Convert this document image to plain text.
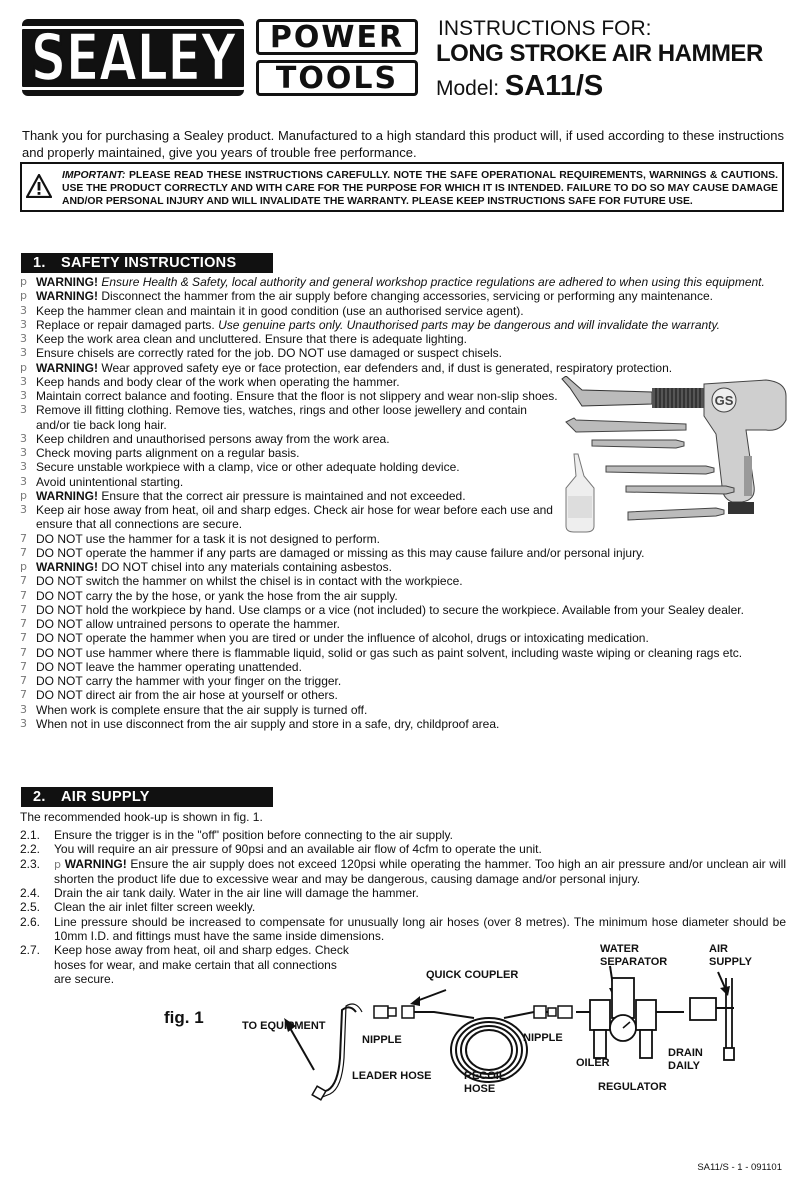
SEALEY	POWER
TOOLS
INSTRUCTIONS FOR:
LONG STROKE AIR HAMMER
Model: SA11/S
Thank you for purchasing a Sealey product. Manufactured to a high standard this product will, if used according to these instructions and properly maintained, give you years of trouble free performance.
IMPORTANT: PLEASE READ THESE INSTRUCTIONS CAREFULLY. NOTE THE SAFE OPERATIONAL REQUIREMENTS, WARNINGS & CAUTIONS. USE THE PRODUCT CORRECTLY AND WITH CARE FOR THE PURPOSE FOR WHICH IT IS INTENDED. FAILURE TO DO SO MAY CAUSE DAMAGE AND/OR PERSONAL INJURY AND WILL INVALIDATE THE WARRANTY. PLEASE KEEP INSTRUCTIONS SAFE FOR FUTURE USE.
1. SAFETY INSTRUCTIONS
p WARNING! Ensure Health & Safety, local authority and general workshop practice regulations are adhered to when using this equipment.
p WARNING! Disconnect the hammer from the air supply before changing accessories, servicing or performing any maintenance.
3 Keep the hammer clean and maintain it in good condition (use an authorised service agent).
3 Replace or repair damaged parts. Use genuine parts only. Unauthorised parts may be dangerous and will invalidate the warranty.
3 Keep the work area clean and uncluttered. Ensure that there is adequate lighting.
3 Ensure chisels are correctly rated for the job. DO NOT use damaged or suspect chisels.
p WARNING! Wear approved safety eye or face protection, ear defenders and, if dust is generated, respiratory protection.
3 Keep hands and body clear of the work when operating the hammer.
3 Maintain correct balance and footing. Ensure that the floor is not slippery and wear non-slip shoes.
3 Remove ill fitting clothing. Remove ties, watches, rings and other loose jewellery and contain and/or tie back long hair.
3 Keep children and unauthorised persons away from the work area.
3 Check moving parts alignment on a regular basis.
3 Secure unstable workpiece with a clamp, vice or other adequate holding device.
3 Avoid unintentional starting.
p WARNING! Ensure that the correct air pressure is maintained and not exceeded.
3 Keep air hose away from heat, oil and sharp edges. Check air hose for wear before each use and ensure that all connections are secure.
7 DO NOT use the hammer for a task it is not designed to perform.
7 DO NOT operate the hammer if any parts are damaged or missing as this may cause failure and/or personal injury.
p WARNING! DO NOT chisel into any materials containing asbestos.
7 DO NOT switch the hammer on whilst the chisel is in contact with the workpiece.
7 DO NOT carry the by the hose, or yank the hose from the air supply.
7 DO NOT hold the workpiece by hand. Use clamps or a vice (not included) to secure the workpiece. Available from your Sealey dealer.
7 DO NOT allow untrained persons to operate the hammer.
7 DO NOT operate the hammer when you are tired or under the influence of alcohol, drugs or intoxicating medication.
7 DO NOT use hammer where there is flammable liquid, solid or gas such as paint solvent, including waste wiping or cleaning rags etc.
7 DO NOT leave the hammer operating unattended.
7 DO NOT carry the hammer with your finger on the trigger.
7 DO NOT direct air from the air hose at yourself or others.
3 When work is complete ensure that the air supply is turned off.
3 When not in use disconnect from the air supply and store in a safe, dry, childproof area.
GS
2. AIR SUPPLY
The recommended hook-up is shown in fig. 1.
2.1. Ensure the trigger is in the "off" position before connecting to the air supply.
2.2. You will require an air pressure of 90psi and an available air flow of 4cfm to operate the unit.
2.3. p WARNING! Ensure the air supply does not exceed 120psi while operating the hammer. Too high an air pressure and/or unclean air will shorten the product life due to excessive wear and may be dangerous, causing damage and/or personal injury.
2.4. Drain the air tank daily. Water in the air line will damage the hammer.
2.5. Clean the air inlet filter screen weekly.
2.6. Line pressure should be increased to compensate for unusually long air hoses (over 8 metres). The minimum hose diameter should be 10mm I.D. and fittings must have the same inside dimensions.
2.7. Keep hose away from heat, oil and sharp edges. Check hoses for wear, and make certain that all connections are secure.
fig. 1	TO EQUIPMENT
QUICK COUPLER
NIPPLE	NIPPLE
LEADER HOSE	RECOIL
HOSE
WATER
SEPARATOR
AIR
SUPPLY
OILER
REGULATOR
DRAIN
DAILY
SA11/S - 1 - 091101
